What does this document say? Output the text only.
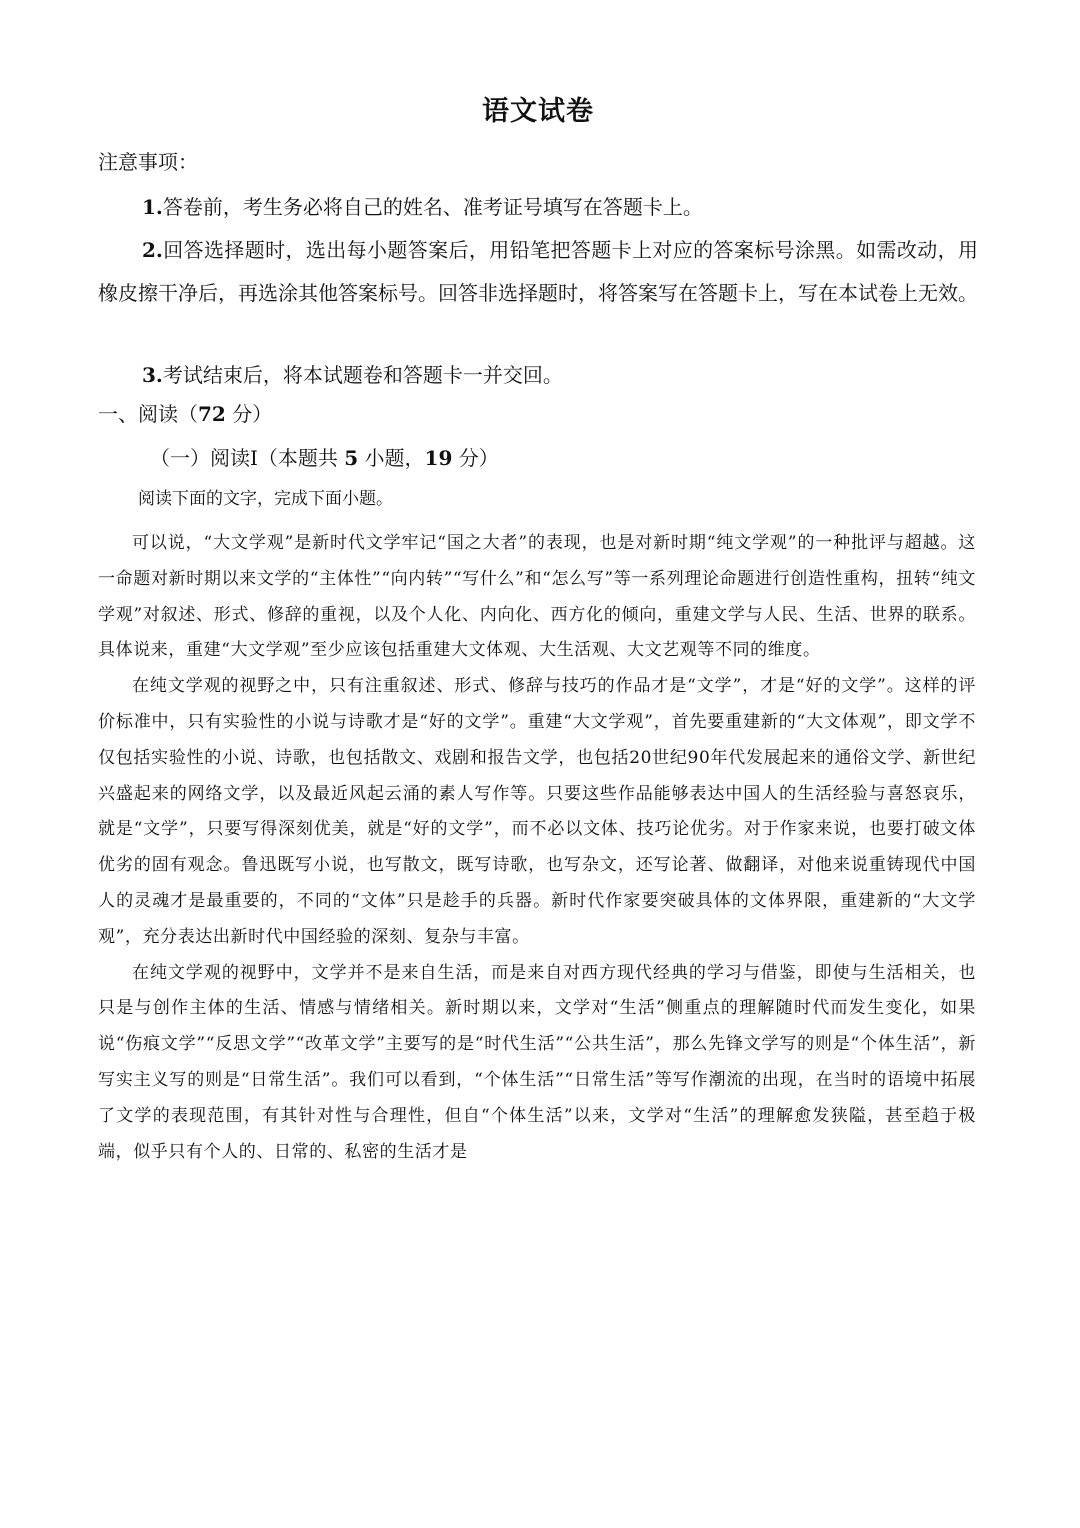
语文试卷
注意事项：
1.答卷前，考生务必将自己的姓名、准考证号填写在答题卡上。
2.回答选择题时，选出每小题答案后，用铅笔把答题卡上对应的答案标号涂黑。如需改动，用橡皮擦干净后，再选涂其他答案标号。回答非选择题时，将答案写在答题卡上，写在本试卷上无效。
3.考试结束后，将本试题卷和答题卡一并交回。
一、阅读（72 分）
（一）阅读Ⅰ（本题共 5 小题，19 分）
阅读下面的文字，完成下面小题。

可以说，“大文学观”是新时代文学牢记“国之大者”的表现，也是对新时期“纯文学观”的一种批评与超越。这一命题对新时期以来文学的“主体性”“向内转”“写什么”和“怎么写”等一系列理论命题进行创造性重构，扭转“纯文学观”对叙述、形式、修辞的重视，以及个人化、内向化、西方化的倾向，重建文学与人民、生活、世界的联系。具体说来，重建“大文学观”至少应该包括重建大文体观、大生活观、大文艺观等不同的维度。

在纯文学观的视野之中，只有注重叙述、形式、修辞与技巧的作品才是“文学”，才是“好的文学”。这样的评价标准中，只有实验性的小说与诗歌才是“好的文学”。重建“大文学观”，首先要重建新的“大文体观”，即文学不仅包括实验性的小说、诗歌，也包括散文、戏剧和报告文学，也包括20世纪90年代发展起来的通俗文学、新世纪兴盛起来的网络文学，以及最近风起云涌的素人写作等。只要这些作品能够表达中国人的生活经验与喜怒哀乐，就是“文学”，只要写得深刻优美，就是“好的文学”，而不必以文体、技巧论优劣。对于作家来说，也要打破文体优劣的固有观念。鲁迅既写小说，也写散文，既写诗歌，也写杂文，还写论著、做翻译，对他来说重铸现代中国人的灵魂才是最重要的，不同的“文体”只是趁手的兵器。新时代作家要突破具体的文体界限，重建新的“大文学观”，充分表达出新时代中国经验的深刻、复杂与丰富。

在纯文学观的视野中，文学并不是来自生活，而是来自对西方现代经典的学习与借鉴，即使与生活相关，也只是与创作主体的生活、情感与情绪相关。新时期以来，文学对“生活”侧重点的理解随时代而发生变化，如果说“伤痕文学”“反思文学”“改革文学”主要写的是“时代生活”“公共生活”，那么先锋文学写的则是“个体生活”，新写实主义写的则是“日常生活”。我们可以看到，“个体生活”“日常生活”等写作潮流的出现，在当时的语境中拓展了文学的表现范围，有其针对性与合理性，但自“个体生活”以来，文学对“生活”的理解愈发狭隘，甚至趋于极端，似乎只有个人的、日常的、私密的生活才是
